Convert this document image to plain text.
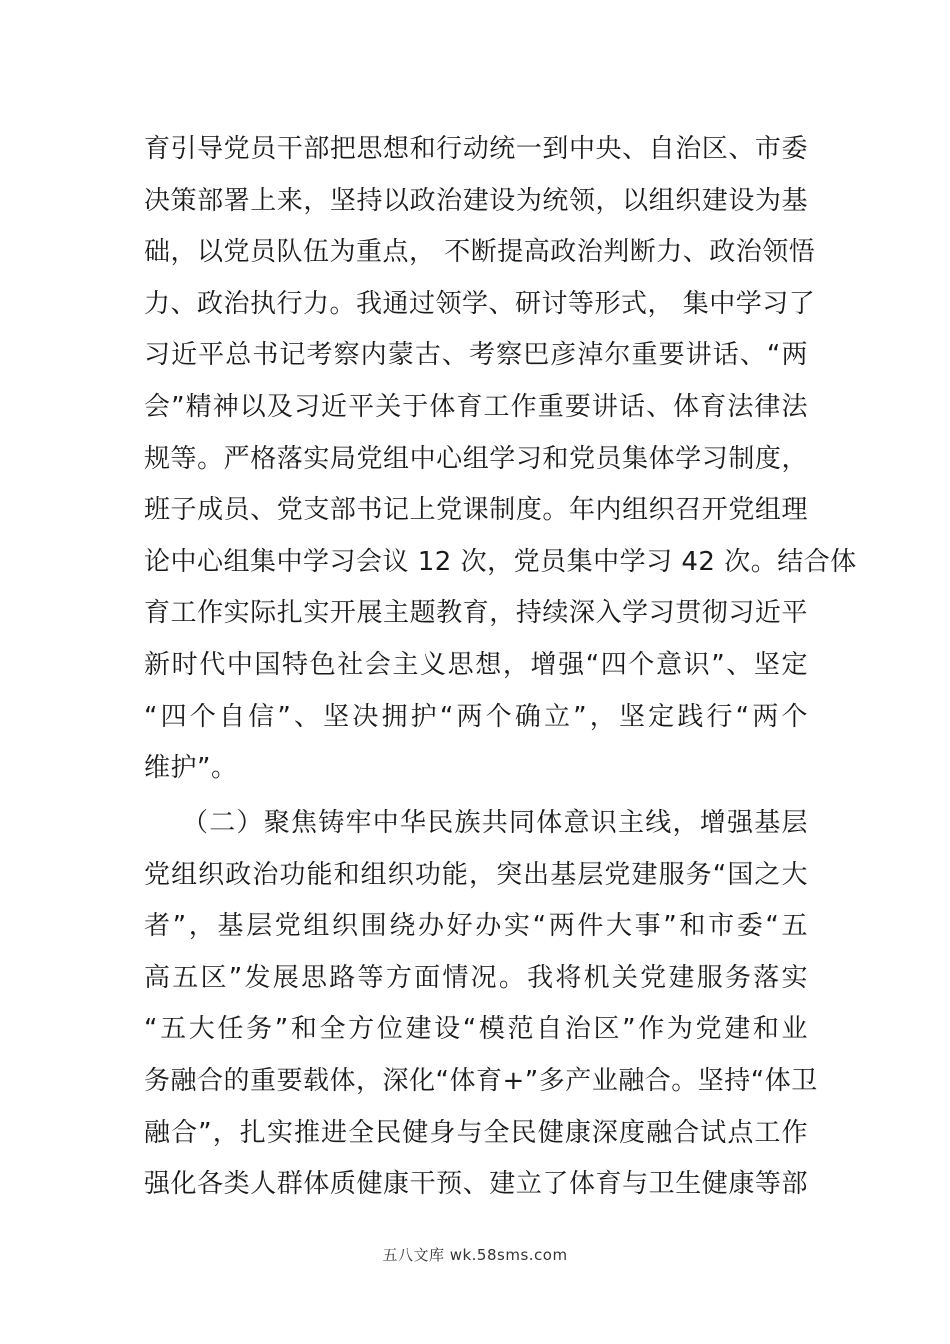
育引导党员干部把思想和行动统一到中央、自治区、市委
决策部署上来，坚持以政治建设为统领，以组织建设为基
础，以党员队伍为重点， 不断提高政治判断力、政治领悟
力、政治执行力。我通过领学、研讨等形式， 集中学习了
习近平总书记考察内蒙古、考察巴彦淖尔重要讲话、“两
会”精神以及习近平关于体育工作重要讲话、体育法律法
规等。严格落实局党组中心组学习和党员集体学习制度，
班子成员、党支部书记上党课制度。年内组织召开党组理
论中心组集中学习会议 12 次，党员集中学习 42 次。结合体
育工作实际扎实开展主题教育，持续深入学习贯彻习近平
新时代中国特色社会主义思想，增强“四个意识”、坚定
“四个自信”、坚决拥护“两个确立”，坚定践行“两个
维护”。
（二）聚焦铸牢中华民族共同体意识主线，增强基层
党组织政治功能和组织功能，突出基层党建服务“国之大
者”，基层党组织围绕办好办实“两件大事”和市委“五
高五区”发展思路等方面情况。我将机关党建服务落实
“五大任务”和全方位建设“模范自治区”作为党建和业
务融合的重要载体，深化“体育+”多产业融合。坚持“体卫
融合”，扎实推进全民健身与全民健康深度融合试点工作
强化各类人群体质健康干预、建立了体育与卫生健康等部
五八文库 wk.58sms.com
